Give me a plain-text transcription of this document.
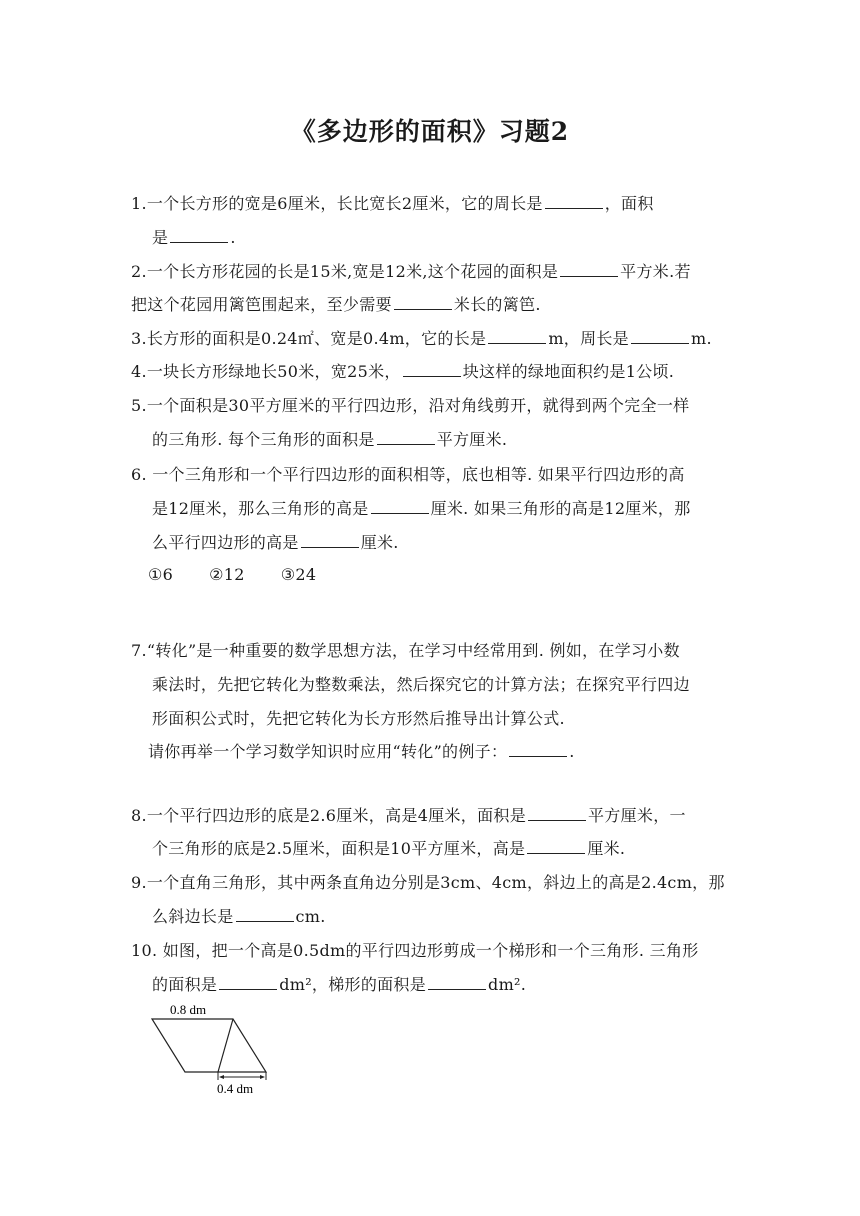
《多边形的面积》习题2
1.一个长方形的宽是6厘米，长比宽长2厘米，它的周长是	，面积
是	.
2.一个长方形花园的长是15米,宽是12米,这个花园的面积是	平方米.若
把这个花园用篱笆围起来，至少需要	米长的篱笆.
3.长方形的面积是0.24㎡、宽是0.4m，它的长是	m，周长是	m.
4.一块长方形绿地长50米，宽25米，	块这样的绿地面积约是1公顷.
5.一个面积是30平方厘米的平行四边形，沿对角线剪开，就得到两个完全一样
的三角形. 每个三角形的面积是	平方厘米.
6. 一个三角形和一个平行四边形的面积相等，底也相等. 如果平行四边形的高
是12厘米，那么三角形的高是	厘米. 如果三角形的高是12厘米，那
么平行四边形的高是	厘米.
①6 ②12 ③24
7.“转化”是一种重要的数学思想方法，在学习中经常用到. 例如，在学习小数
乘法时，先把它转化为整数乘法，然后探究它的计算方法；在探究平行四边
形面积公式时，先把它转化为长方形然后推导出计算公式.
请你再举一个学习数学知识时应用“转化”的例子：	.
8.一个平行四边形的底是2.6厘米，高是4厘米，面积是	平方厘米，一
个三角形的底是2.5厘米，面积是10平方厘米，高是	厘米.
9.一个直角三角形，其中两条直角边分别是3cm、4cm，斜边上的高是2.4cm，那
么斜边长是	cm.
10. 如图，把一个高是0.5dm的平行四边形剪成一个梯形和一个三角形. 三角形
的面积是	dm²，梯形的面积是	dm².
0.8 dm
0.4 dm
